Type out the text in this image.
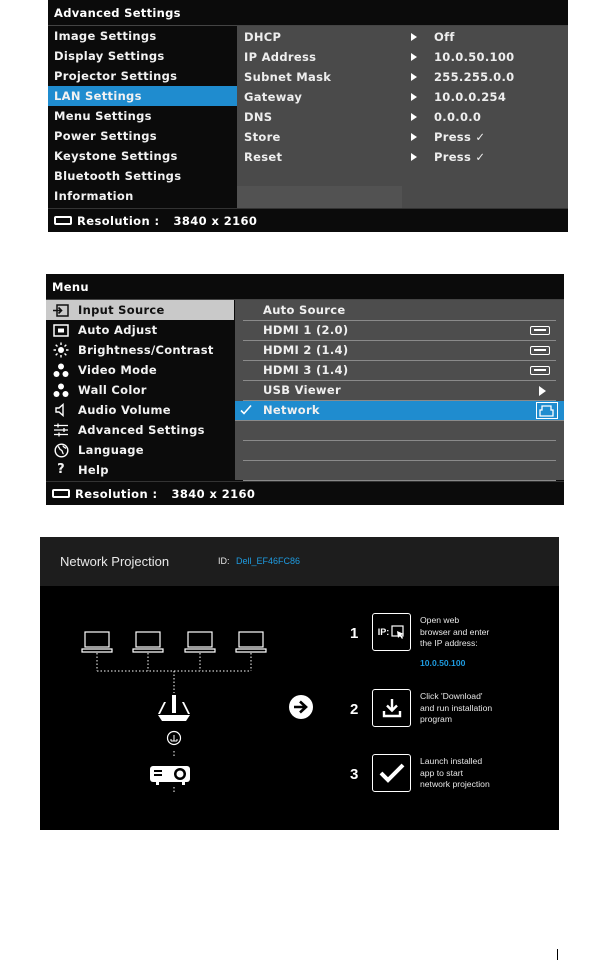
Advanced Settings
Image Settings
Display Settings
Projector Settings
LAN Settings
Menu Settings
Power Settings
Keystone Settings
Bluetooth Settings
Information
DHCP	Off
IP Address	10.0.50.100
Subnet Mask	255.255.0.0
Gateway	10.0.0.254
DNS	0.0.0.0
Store	Press ✓
Reset	Press ✓
Resolution : 3840 x 2160
Menu
Input Source
Auto Adjust
Brightness/Contrast
Video Mode
Wall Color
Audio Volume
Advanced Settings
Language
?	Help
Auto Source
HDMI 1 (2.0)
HDMI 2 (1.4)
HDMI 3 (1.4)
USB Viewer
Network
Resolution : 3840 x 2160
Network Projection	ID: Dell_EF46FC86
1 IP:
Open web
browser and enter
the IP address:
10.0.50.100
2
Click 'Download'
and run installation
program
3
Launch installed
app to start
network projection
